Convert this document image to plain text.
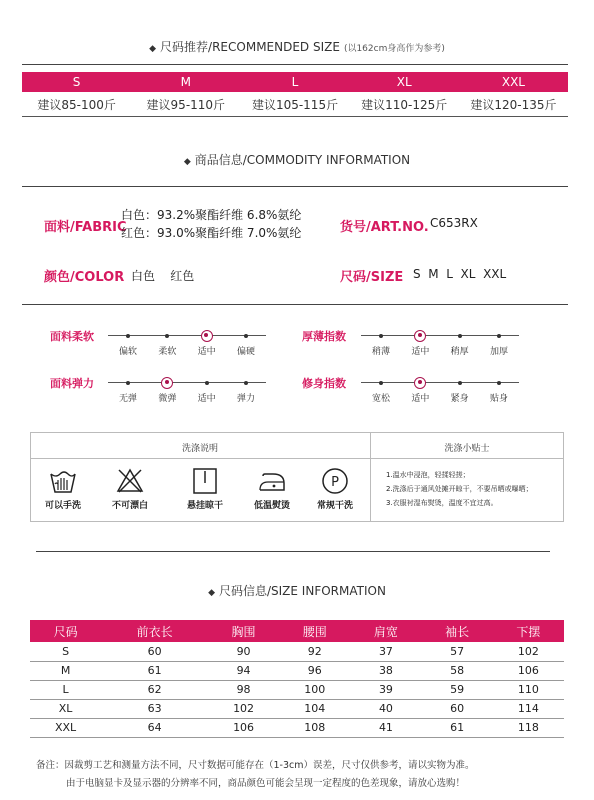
◆ 尺码推荐/RECOMMENDED SIZE (以162cm身高作为参考)
S	M	L	XL	XXL
建议85-100斤	建议95-110斤	建议105-115斤	建议110-125斤	建议120-135斤
◆ 商品信息/COMMODITY INFORMATION
面料/FABRIC
白色：93.2%聚酯纤维 6.8%氨纶
红色：93.0%聚酯纤维 7.0%氨纶	货号/ART.NO. C653RX
颜色/COLOR 白色    红色	尺码/SIZE S  M  L  XL  XXL
面料柔软
偏软	柔软	适中	偏硬
厚薄指数
稍薄	适中	稍厚	加厚
面料弹力
无弹	微弹	适中	弹力
修身指数
宽松	适中	紧身	贴身
洗涤说明	洗涤小贴士
P
可以手洗	不可漂白	悬挂晾干	低温熨烫	常规干洗
1.温水中浸泡，轻揉轻搓；
2.洗涤后于通风处摊开晾干，不要吊晒或曝晒；
3.衣服衬湿布熨烫，温度不宜过高。
◆ 尺码信息/SIZE INFORMATION
尺码	前衣长	胸围	腰围	肩宽	袖长	下摆
S	60	90	92	37	57	102
M	61	94	96	38	58	106
L	62	98	100	39	59	110
XL	63	102	104	40	60	114
XXL	64	106	108	41	61	118
备注：因裁剪工艺和测量方法不同，尺寸数据可能存在（1-3cm）误差，尺寸仅供参考，请以实物为准。
由于电脑显卡及显示器的分辨率不同，商品颜色可能会呈现一定程度的色差现象，请放心选购！
